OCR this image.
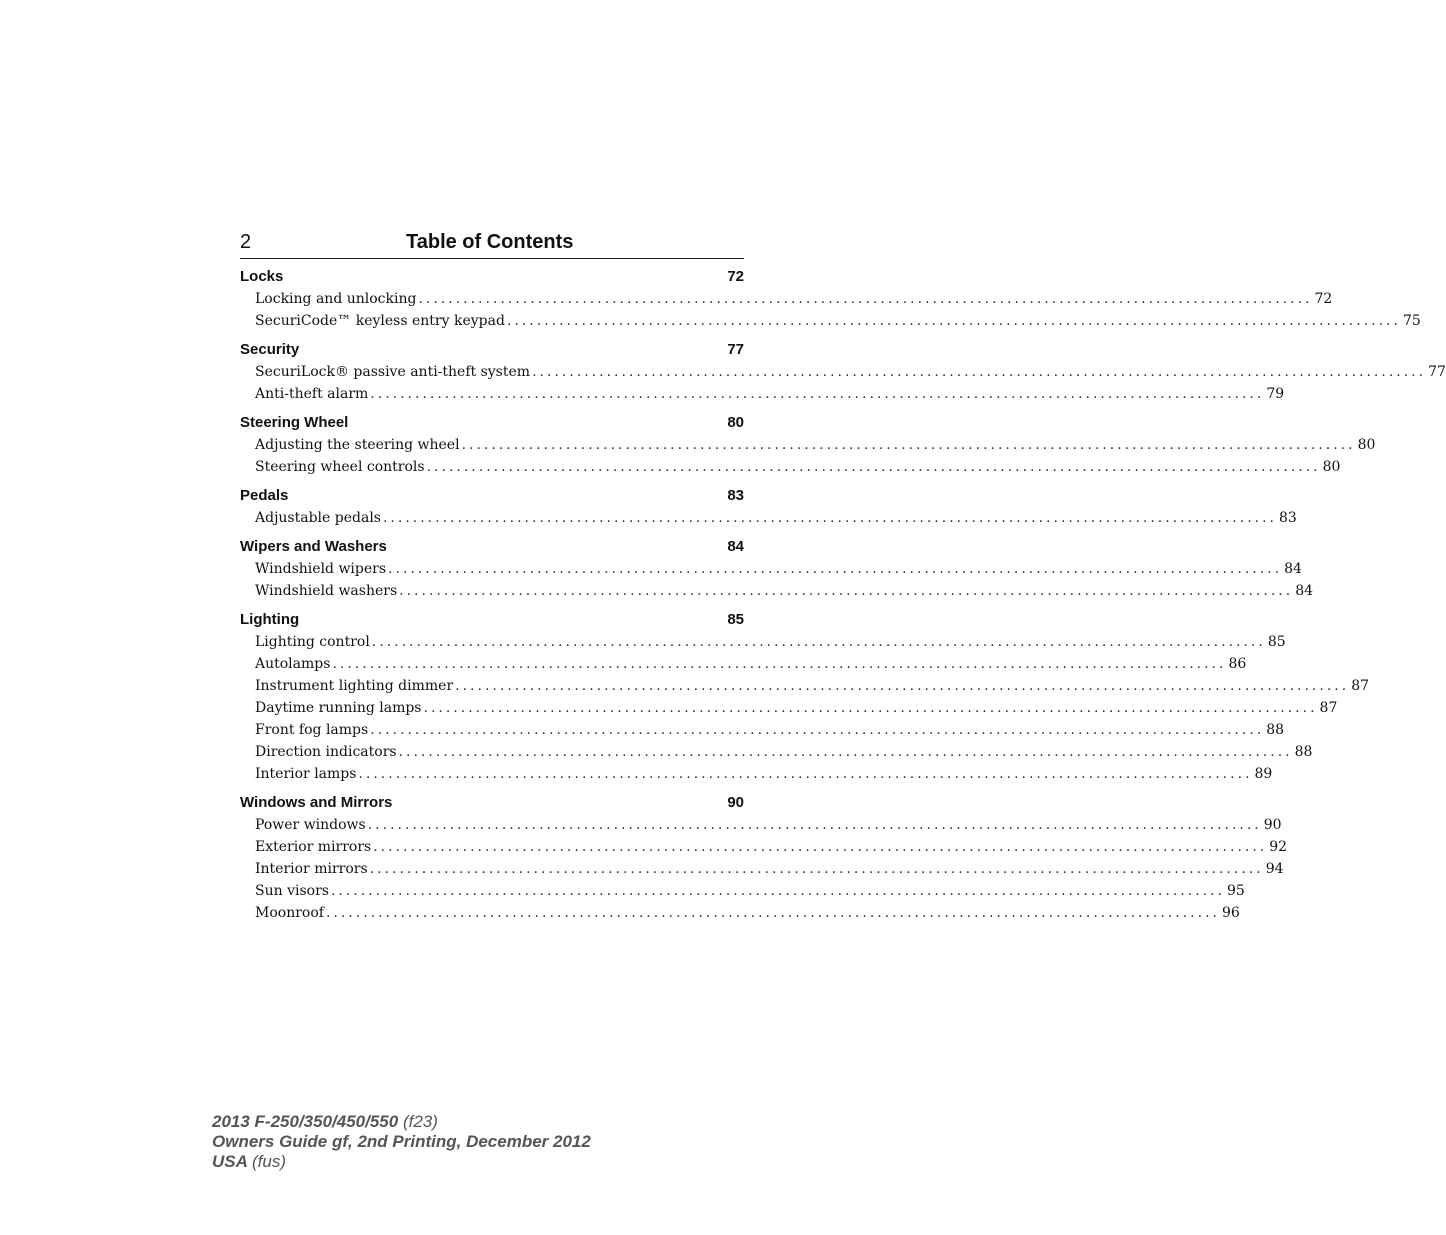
2	Table of Contents
Locks	72
Locking and unlocking ........................................................................................................................ 72
SecuriCode™ keyless entry keypad ........................................................................................................................ 75
Security	77
SecuriLock® passive anti-theft system ........................................................................................................................ 77
Anti-theft alarm ........................................................................................................................ 79
Steering Wheel	80
Adjusting the steering wheel ........................................................................................................................ 80
Steering wheel controls ........................................................................................................................ 80
Pedals	83
Adjustable pedals ........................................................................................................................ 83
Wipers and Washers	84
Windshield wipers ........................................................................................................................ 84
Windshield washers ........................................................................................................................ 84
Lighting	85
Lighting control ........................................................................................................................ 85
Autolamps ........................................................................................................................ 86
Instrument lighting dimmer ........................................................................................................................ 87
Daytime running lamps ........................................................................................................................ 87
Front fog lamps ........................................................................................................................ 88
Direction indicators ........................................................................................................................ 88
Interior lamps ........................................................................................................................ 89
Windows and Mirrors	90
Power windows ........................................................................................................................ 90
Exterior mirrors ........................................................................................................................ 92
Interior mirrors ........................................................................................................................ 94
Sun visors ........................................................................................................................ 95
Moonroof ........................................................................................................................ 96
2013 F-250/350/450/550 (f23)
Owners Guide gf, 2nd Printing, December 2012
USA (fus)
